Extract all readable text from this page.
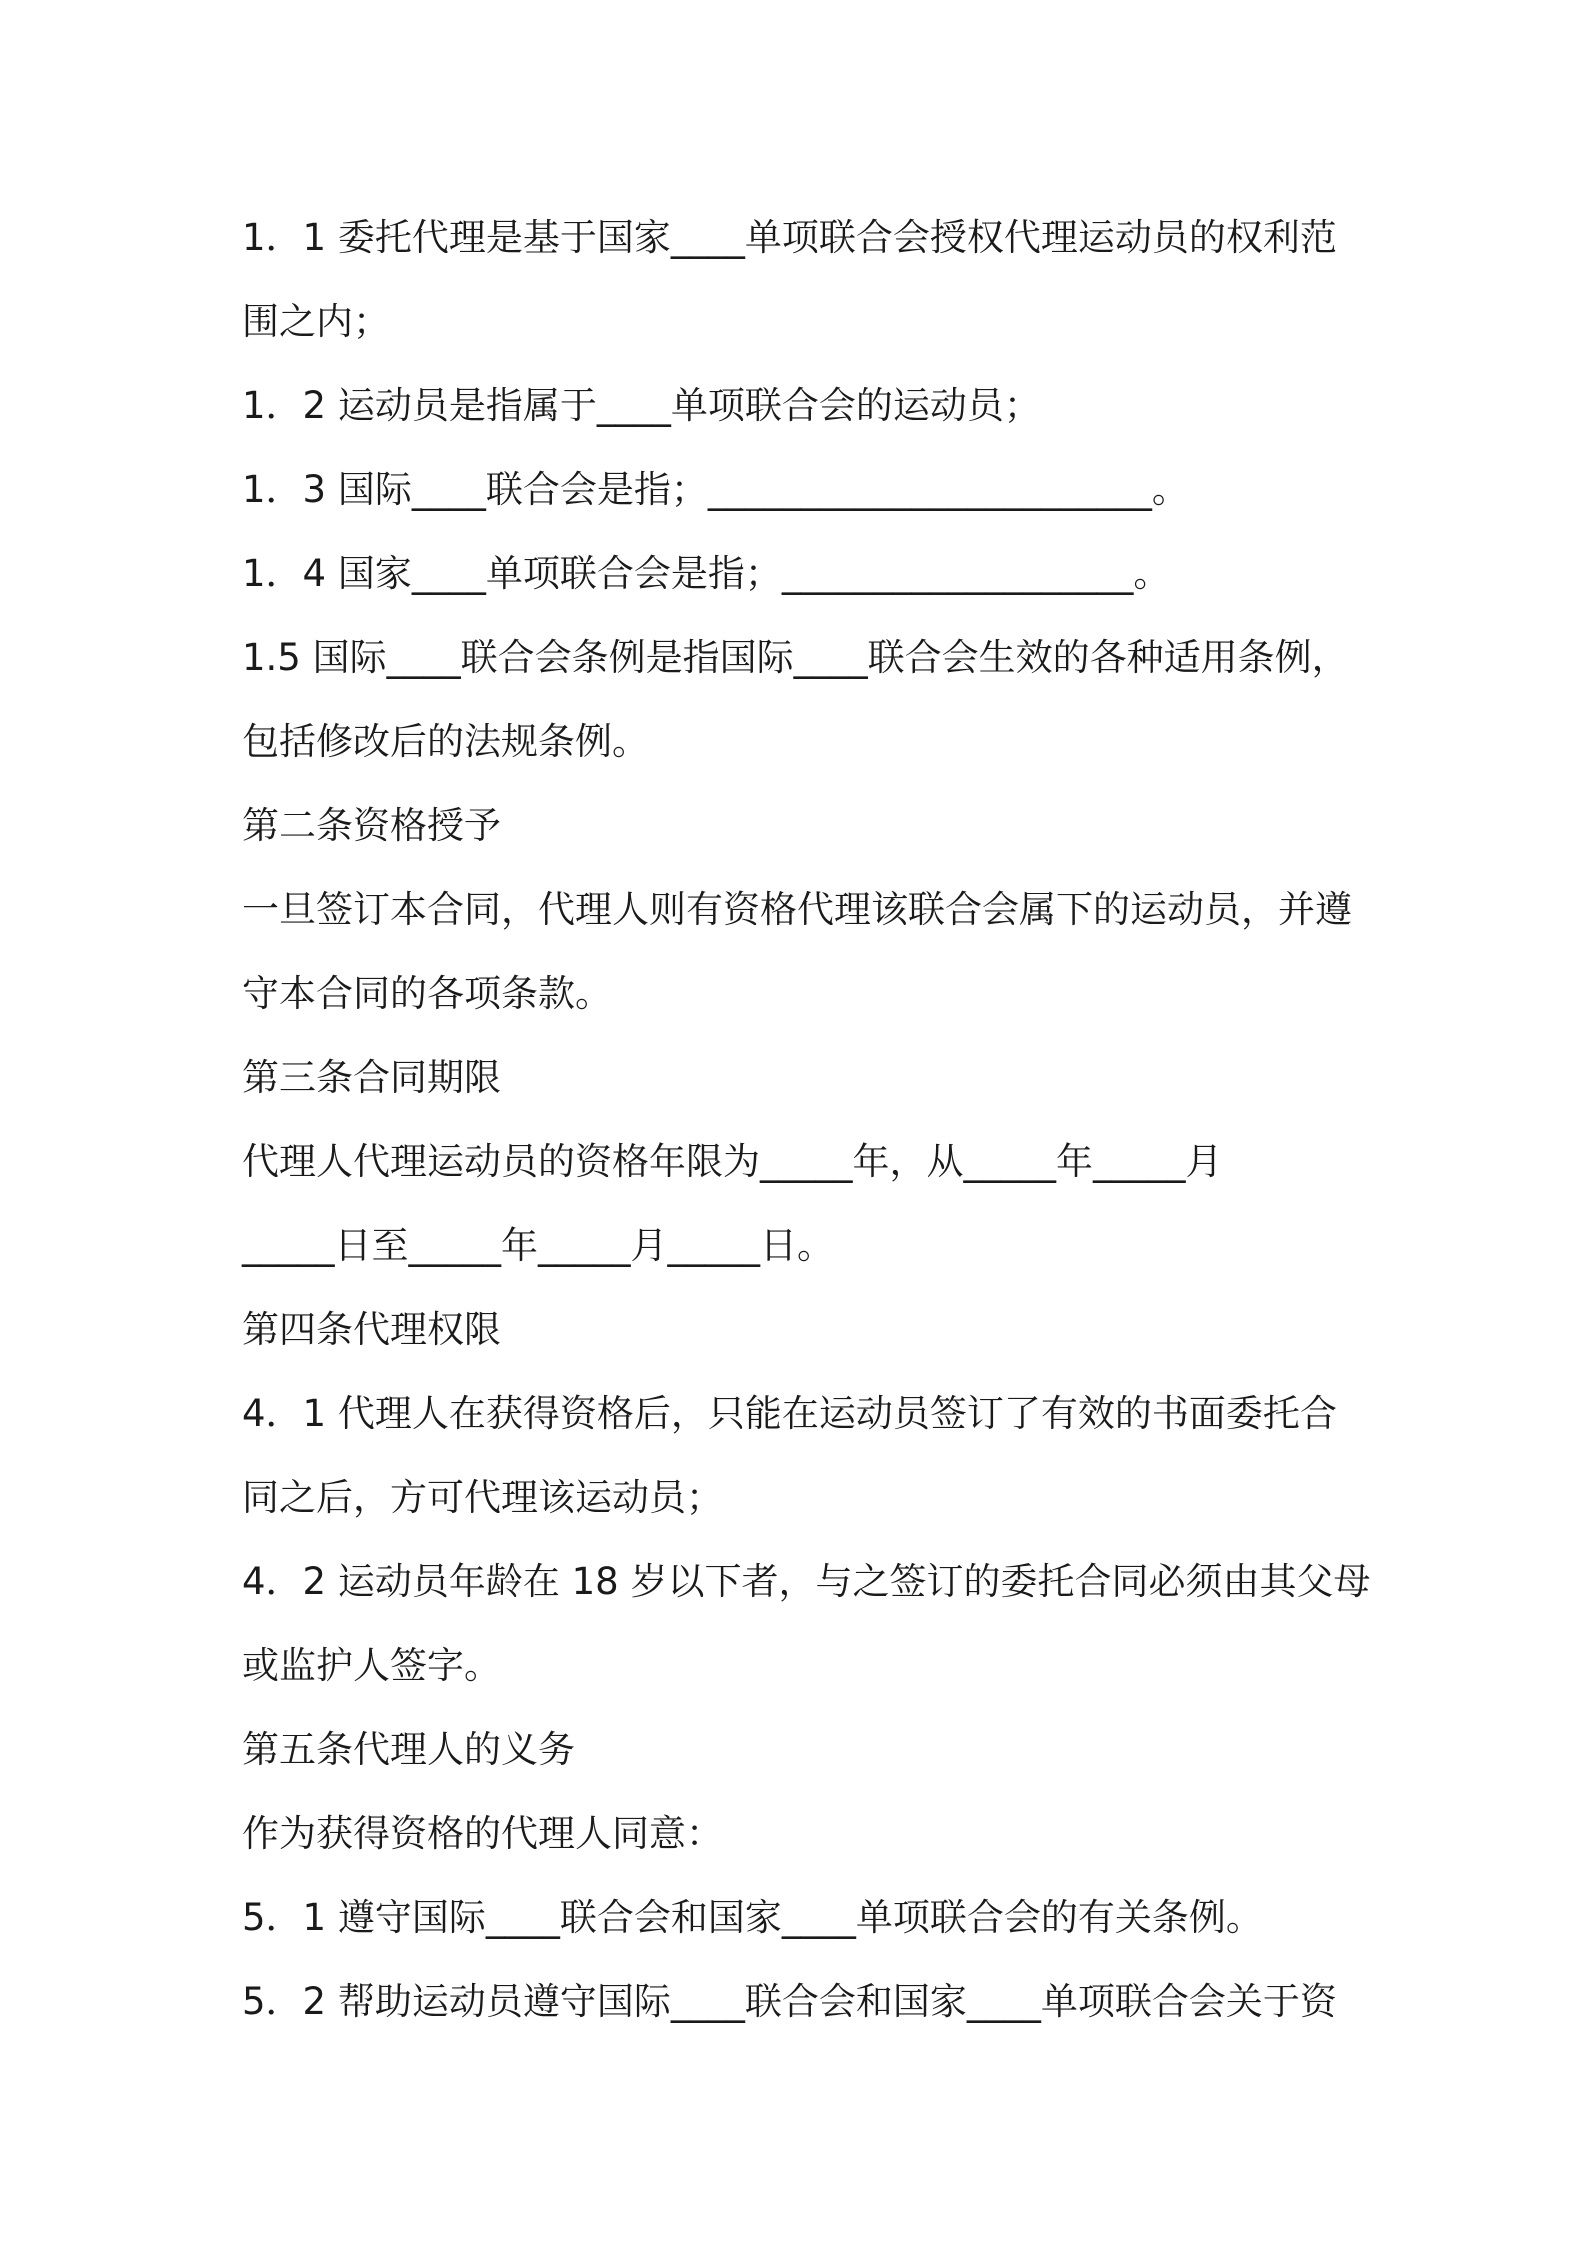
1．1 委托代理是基于国家____单项联合会授权代理运动员的权利范
围之内；
1．2 运动员是指属于____单项联合会的运动员；
1．3 国际____联合会是指；________________________。
1．4 国家____单项联合会是指；___________________。
1.5 国际____联合会条例是指国际____联合会生效的各种适用条例，
包括修改后的法规条例。
第二条资格授予
一旦签订本合同，代理人则有资格代理该联合会属下的运动员，并遵
守本合同的各项条款。
第三条合同期限
代理人代理运动员的资格年限为_____年，从_____年_____月
_____日至_____年_____月_____日。
第四条代理权限
4．1 代理人在获得资格后，只能在运动员签订了有效的书面委托合
同之后，方可代理该运动员；
4．2 运动员年龄在 18 岁以下者，与之签订的委托合同必须由其父母
或监护人签字。
第五条代理人的义务
作为获得资格的代理人同意：
5．1 遵守国际____联合会和国家____单项联合会的有关条例。
5．2 帮助运动员遵守国际____联合会和国家____单项联合会关于资
